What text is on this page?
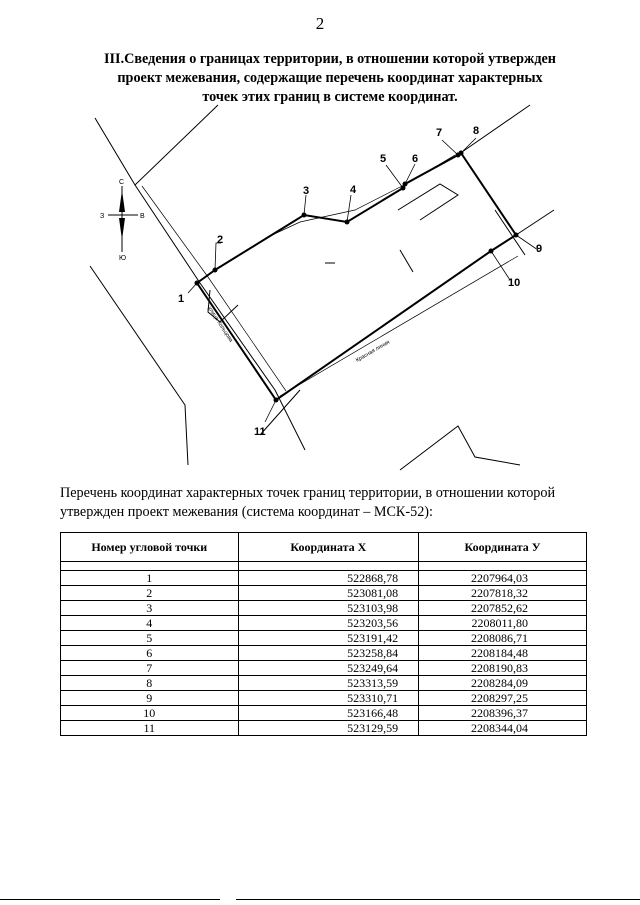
2
III.Сведения о границах территории, в отношении которой утвержден
проект межевания, содержащие перечень координат характерных
точек этих границ в системе координат.
1
2
3	4
5 6
7	8
9
10
11
С
Ю
З	В
улица Кольцова
Красная линия
Перечень координат характерных точек границ территории, в отношении которой
утвержден проект межевания (система координат – МСК-52):
Номер угловой точки	Координата X	Координата У

1	522868,78	2207964,03
2	523081,08	2207818,32
3	523103,98	2207852,62
4	523203,56	2208011,80
5	523191,42	2208086,71
6	523258,84	2208184,48
7	523249,64	2208190,83
8	523313,59	2208284,09
9	523310,71	2208297,25
10	523166,48	2208396,37
11	523129,59	2208344,04
